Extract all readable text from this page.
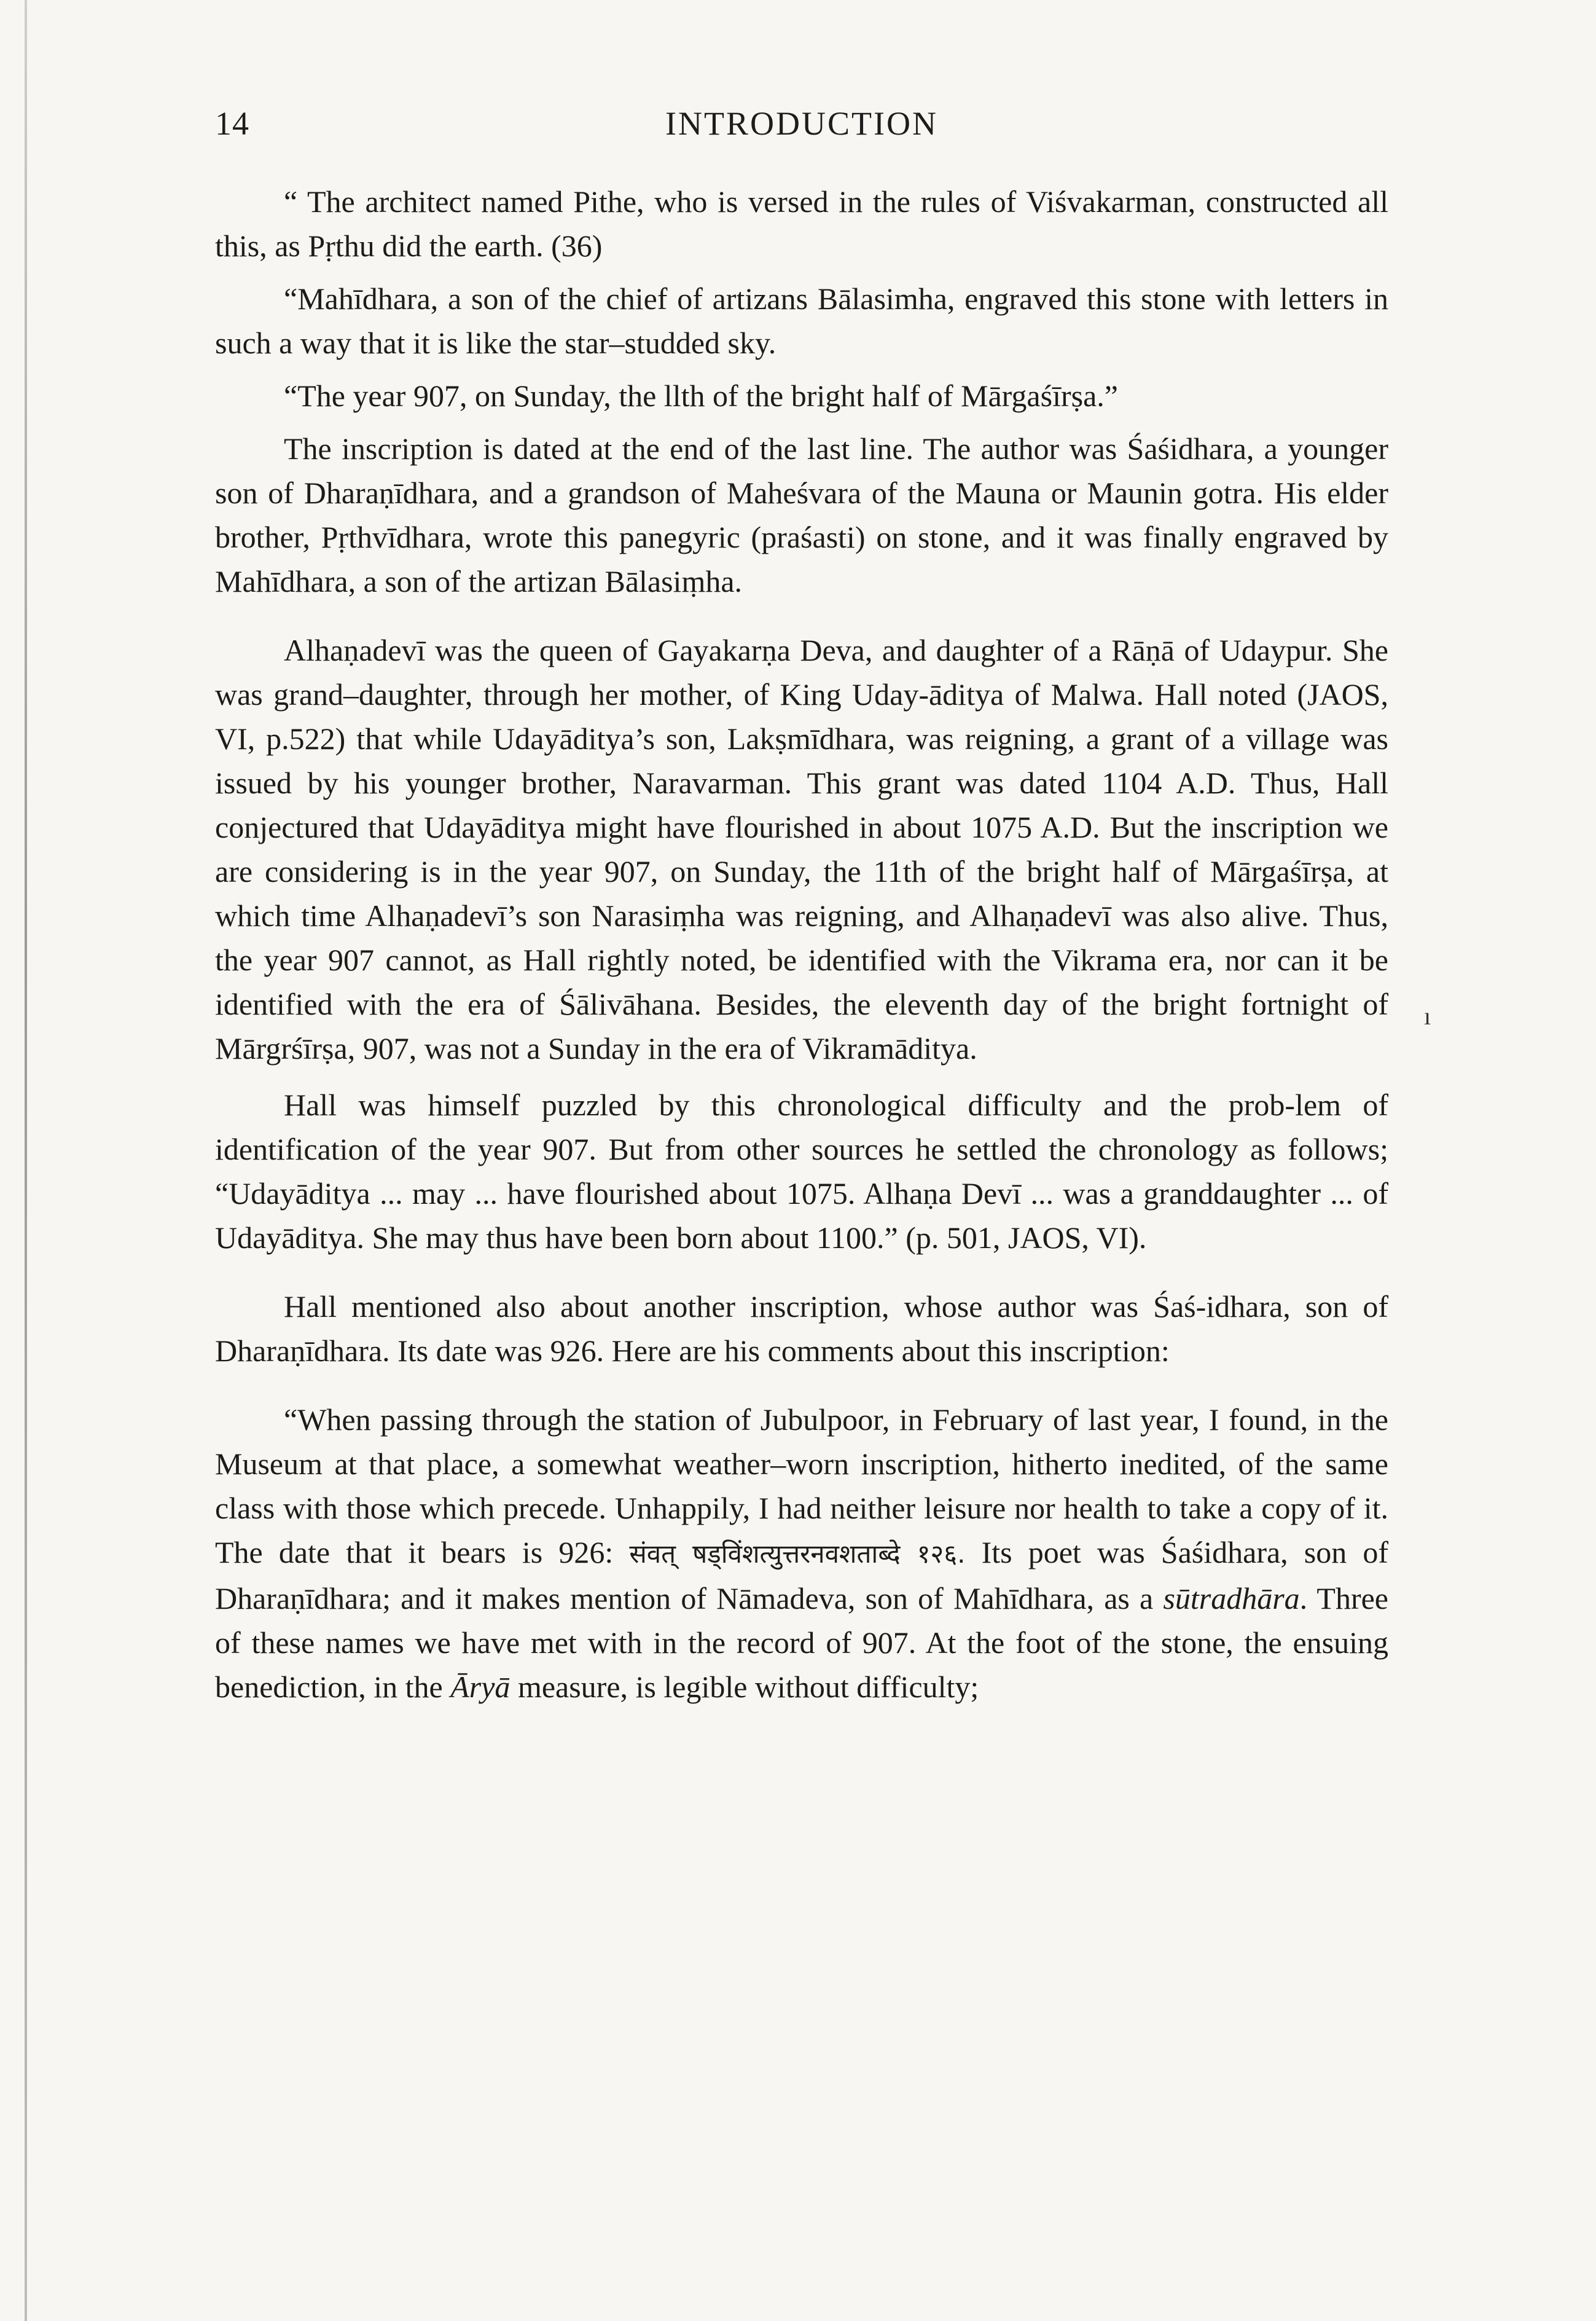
14	INTRODUCTION

“ The architect named Pithe, who is versed in the rules of Viśvakarman, constructed all this, as Pṛthu did the earth. (36)

“Mahīdhara, a son of the chief of artizans Bālasimha, engraved this stone with letters in such a way that it is like the star–studded sky.

“The year 907, on Sunday, the llth of the bright half of Mārgaśīrṣa.”

The inscription is dated at the end of the last line. The author was Śaśidhara, a younger son of Dharaṇīdhara, and a grandson of Maheśvara of the Mauna or Maunin gotra. His elder brother, Pṛthvīdhara, wrote this panegyric (praśasti) on stone, and it was finally engraved by Mahīdhara, a son of the artizan Bālasiṃha.

Alhaṇadevī was the queen of Gayakarṇa Deva, and daughter of a Rāṇā of Udaypur. She was grand–daughter, through her mother, of King Uday-āditya of Malwa. Hall noted (JAOS, VI, p.522) that while Udayāditya’s son, Lakṣmīdhara, was reigning, a grant of a village was issued by his younger brother, Naravarman. This grant was dated 1104 A.D. Thus, Hall conjectured that Udayāditya might have flourished in about 1075 A.D. But the inscription we are considering is in the year 907, on Sunday, the 11th of the bright half of Mārgaśīrṣa, at which time Alhaṇadevī’s son Narasiṃha was reigning, and Alhaṇadevī was also alive. Thus, the year 907 cannot, as Hall rightly noted, be identified with the Vikrama era, nor can it be identified with the era of Śālivāhana. Besides, the eleventh day of the bright fortnight of Mārgrśīrṣa, 907, was not a Sunday in the era of Vikramāditya.

Hall was himself puzzled by this chronological difficulty and the prob-lem of identification of the year 907. But from other sources he settled the chronology as follows; “Udayāditya ... may ... have flourished about 1075. Alhaṇa Devī ... was a granddaughter ... of Udayāditya. She may thus have been born about 1100.” (p. 501, JAOS, VI).

Hall mentioned also about another inscription, whose author was Śaś-idhara, son of Dharaṇīdhara. Its date was 926. Here are his comments about this inscription:

“When passing through the station of Jubulpoor, in February of last year, I found, in the Museum at that place, a somewhat weather–worn inscription, hitherto inedited, of the same class with those which precede. Unhappily, I had neither leisure nor health to take a copy of it. The date that it bears is 926: संवत् षड्विंशत्युत्तरनवशताब्दे १२६. Its poet was Śaśidhara, son of Dharaṇīdhara; and it makes mention of Nāmadeva, son of Mahīdhara, as a sūtradhāra. Three of these names we have met with in the record of 907. At the foot of the stone, the ensuing benediction, in the Āryā measure, is legible without difficulty;

ı
